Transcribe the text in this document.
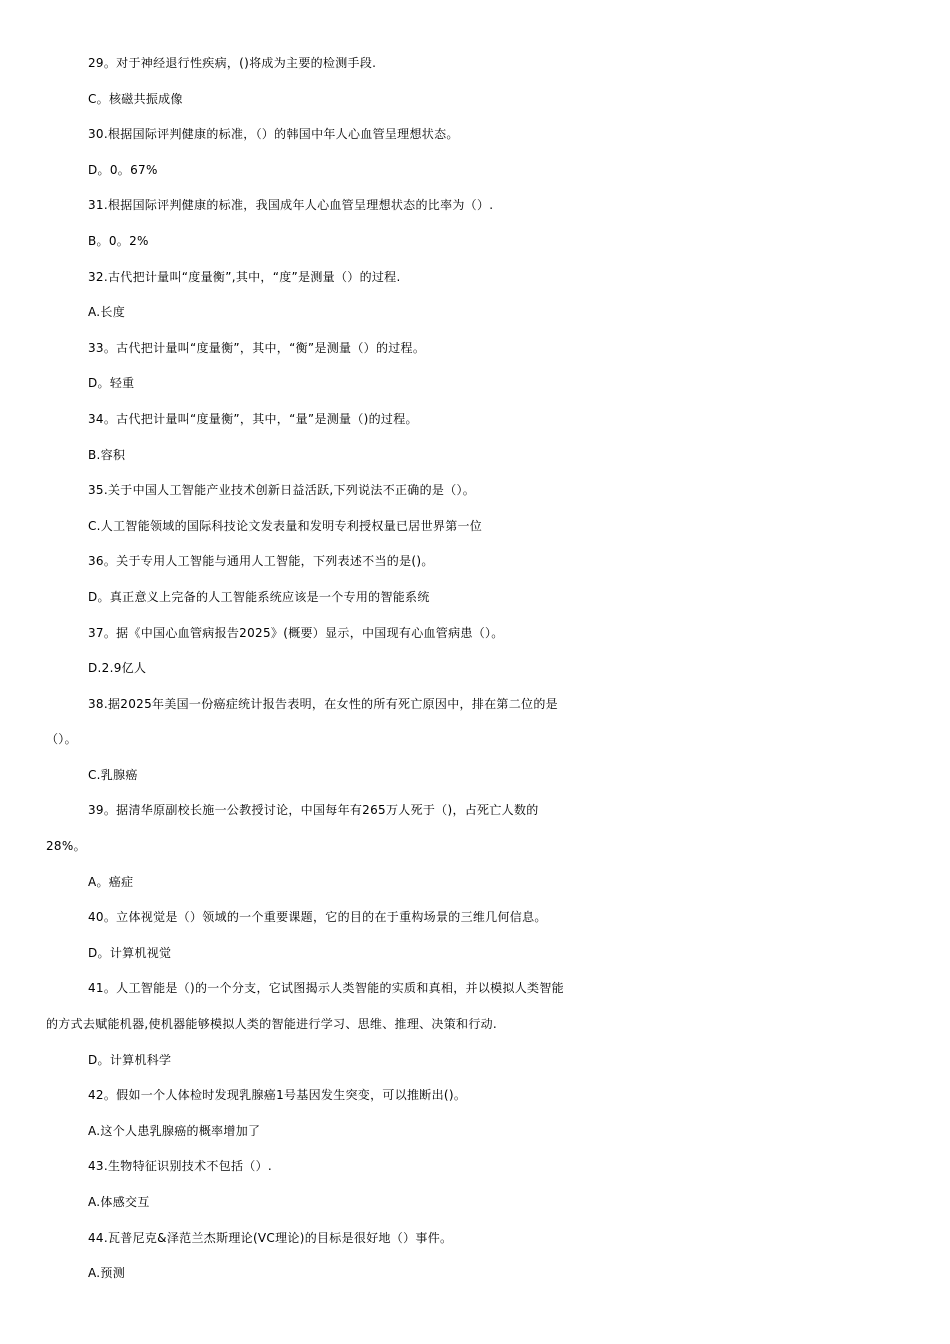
29。对于神经退行性疾病，()将成为主要的检测手段.
C。核磁共振成像
30.根据国际评判健康的标准，（）的韩国中年人心血管呈理想状态。
D。0。67%
31.根据国际评判健康的标准，我国成年人心血管呈理想状态的比率为（）.
B。0。2%
32.古代把计量叫“度量衡”,其中，“度”是测量（）的过程.
A.长度
33。古代把计量叫“度量衡”，其中，“衡”是测量（）的过程。
D。轻重
34。古代把计量叫“度量衡”，其中，“量”是测量（)的过程。
B.容积
35.关于中国人工智能产业技术创新日益活跃,下列说法不正确的是（）。
C.人工智能领域的国际科技论文发表量和发明专利授权量已居世界第一位
36。关于专用人工智能与通用人工智能，下列表述不当的是()。
D。真正意义上完备的人工智能系统应该是一个专用的智能系统
37。据《中国心血管病报告2025》(概要）显示，中国现有心血管病患（）。
D.2.9亿人
38.据2025年美国一份癌症统计报告表明，在女性的所有死亡原因中，排在第二位的是
（）。
C.乳腺癌
39。据清华原副校长施一公教授讨论，中国每年有265万人死于（)，占死亡人数的
28%。
A。癌症
40。立体视觉是（）领域的一个重要课题，它的目的在于重构场景的三维几何信息。
D。计算机视觉
41。人工智能是（)的一个分支，它试图揭示人类智能的实质和真相，并以模拟人类智能
的方式去赋能机器,使机器能够模拟人类的智能进行学习、思维、推理、决策和行动.
D。计算机科学
42。假如一个人体检时发现乳腺癌1号基因发生突变，可以推断出()。
A.这个人患乳腺癌的概率增加了
43.生物特征识别技术不包括（）.
A.体感交互
44.瓦普尼克&泽范兰杰斯理论(VC理论)的目标是很好地（）事件。
A.预测
